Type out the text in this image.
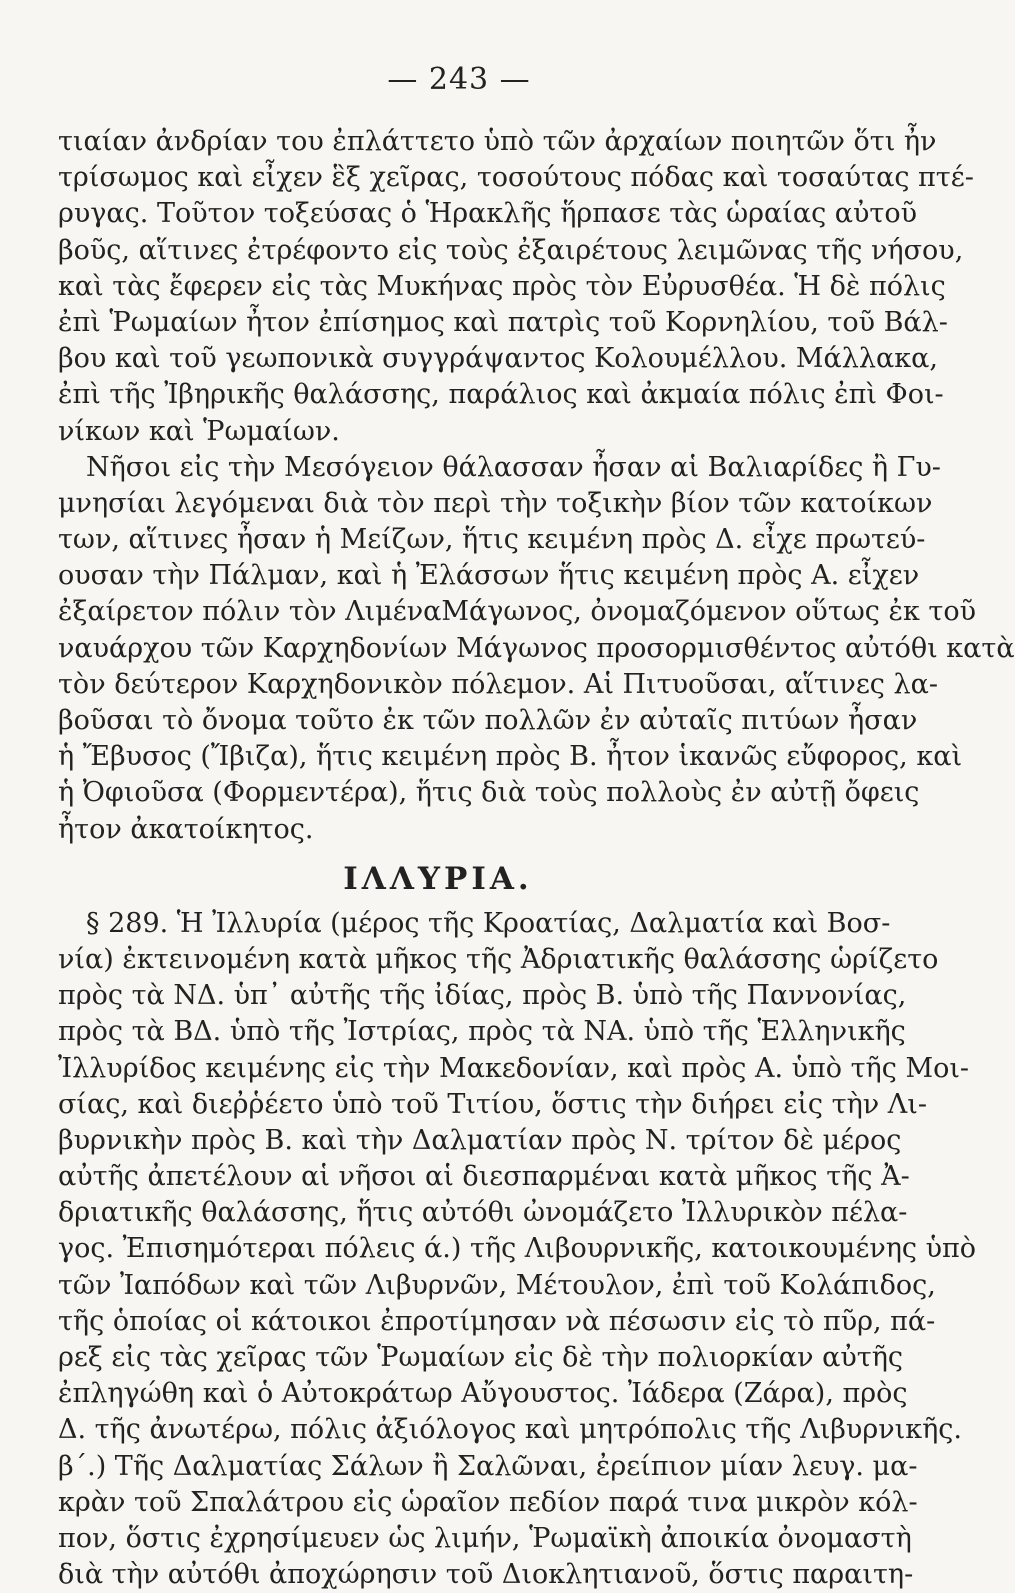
— 243 —
τιαίαν ἀνδρίαν του ἐπλάττετο ὑπὸ τῶν ἀρχαίων ποιητῶν ὅτι ἦν
τρίσωμος καὶ εἶχεν ἓξ χεῖρας, τοσούτους πόδας καὶ τοσαύτας πτέ-
ρυγας. Τοῦτον τοξεύσας ὁ Ἡρακλῆς ἥρπασε τὰς ὡραίας αὐτοῦ
βοῦς, αἵτινες ἐτρέφοντο εἰς τοὺς ἐξαιρέτους λειμῶνας τῆς νήσου,
καὶ τὰς ἔφερεν εἰς τὰς Μυκήνας πρὸς τὸν Εὐρυσθέα. Ἡ δὲ πόλις
ἐπὶ Ῥωμαίων ἦτον ἐπίσημος καὶ πατρὶς τοῦ Κορνηλίου, τοῦ Βάλ-
βου καὶ τοῦ γεωπονικὰ συγγράψαντος Κολουμέλλου. Μάλλακα,
ἐπὶ τῆς Ἰβηρικῆς θαλάσσης, παράλιος καὶ ἀκμαία πόλις ἐπὶ Φοι-
νίκων καὶ Ῥωμαίων.
Νῆσοι εἰς τὴν Μεσόγειον θάλασσαν ἦσαν αἱ Βαλιαρίδες ἢ Γυ-
μνησίαι λεγόμεναι διὰ τὸν περὶ τὴν τοξικὴν βίον τῶν κατοίκων
των, αἵτινες ἦσαν ἡ Μείζων, ἥτις κειμένη πρὸς Δ. εἶχε πρωτεύ-
ουσαν τὴν Πάλμαν, καὶ ἡ Ἐλάσσων ἥτις κειμένη πρὸς Α. εἶχεν
ἐξαίρετον πόλιν τὸν ΛιμέναΜάγωνος, ὀνομαζόμενον οὕτως ἐκ τοῦ
ναυάρχου τῶν Καρχηδονίων Μάγωνος προσορμισθέντος αὐτόθι κατὰ
τὸν δεύτερον Καρχηδονικὸν πόλεμον. Αἱ Πιτυοῦσαι, αἵτινες λα-
βοῦσαι τὸ ὄνομα τοῦτο ἐκ τῶν πολλῶν ἐν αὐταῖς πιτύων ἦσαν
ἡ Ἔβυσος (Ἴβιζα), ἥτις κειμένη πρὸς Β. ἦτον ἱκανῶς εὔφορος, καὶ
ἡ Ὀφιοῦσα (Φορμεντέρα), ἥτις διὰ τοὺς πολλοὺς ἐν αὐτῇ ὄφεις
ἦτον ἀκατοίκητος.
ΙΛΛΥΡΙΑ.
§ 289. Ἡ Ἰλλυρία (μέρος τῆς Κροατίας, Δαλματία καὶ Βοσ-
νία) ἐκτεινομένη κατὰ μῆκος τῆς Ἀδριατικῆς θαλάσσης ὡρίζετο
πρὸς τὰ ΝΔ. ὑπ᾽ αὐτῆς τῆς ἰδίας, πρὸς Β. ὑπὸ τῆς Παννονίας,
πρὸς τὰ ΒΔ. ὑπὸ τῆς Ἰστρίας, πρὸς τὰ ΝΑ. ὑπὸ τῆς Ἑλληνικῆς
Ἰλλυρίδος κειμένης εἰς τὴν Μακεδονίαν, καὶ πρὸς Α. ὑπὸ τῆς Μοι-
σίας, καὶ διεῤῥέετο ὑπὸ τοῦ Τιτίου, ὅστις τὴν διήρει εἰς τὴν Λι-
βυρνικὴν πρὸς Β. καὶ τὴν Δαλματίαν πρὸς Ν. τρίτον δὲ μέρος
αὐτῆς ἀπετέλουν αἱ νῆσοι αἱ διεσπαρμέναι κατὰ μῆκος τῆς Ἀ-
δριατικῆς θαλάσσης, ἥτις αὐτόθι ὠνομάζετο Ἰλλυρικὸν πέλα-
γος. Ἐπισημότεραι πόλεις ά.) τῆς Λιβουρνικῆς, κατοικουμένης ὑπὸ
τῶν Ἰαπόδων καὶ τῶν Λιβυρνῶν, Μέτουλον, ἐπὶ τοῦ Κολάπιδος,
τῆς ὁποίας οἱ κάτοικοι ἐπροτίμησαν νὰ πέσωσιν εἰς τὸ πῦρ, πά-
ρεξ εἰς τὰς χεῖρας τῶν Ῥωμαίων εἰς δὲ τὴν πολιορκίαν αὐτῆς
ἐπληγώθη καὶ ὁ Αὐτοκράτωρ Αὔγουστος. Ἰάδερα (Ζάρα), πρὸς
Δ. τῆς ἀνωτέρω, πόλις ἀξιόλογος καὶ μητρόπολις τῆς Λιβυρνικῆς.
β΄.) Τῆς Δαλματίας Σάλων ἢ Σαλῶναι, ἐρείπιον μίαν λευγ. μα-
κρὰν τοῦ Σπαλάτρου εἰς ὡραῖον πεδίον παρά τινα μικρὸν κόλ-
πον, ὅστις ἐχρησίμευεν ὡς λιμήν, Ῥωμαϊκὴ ἀποικία ὀνομαστὴ
διὰ τὴν αὐτόθι ἀποχώρησιν τοῦ Διοκλητιανοῦ, ὅστις παραιτη-
